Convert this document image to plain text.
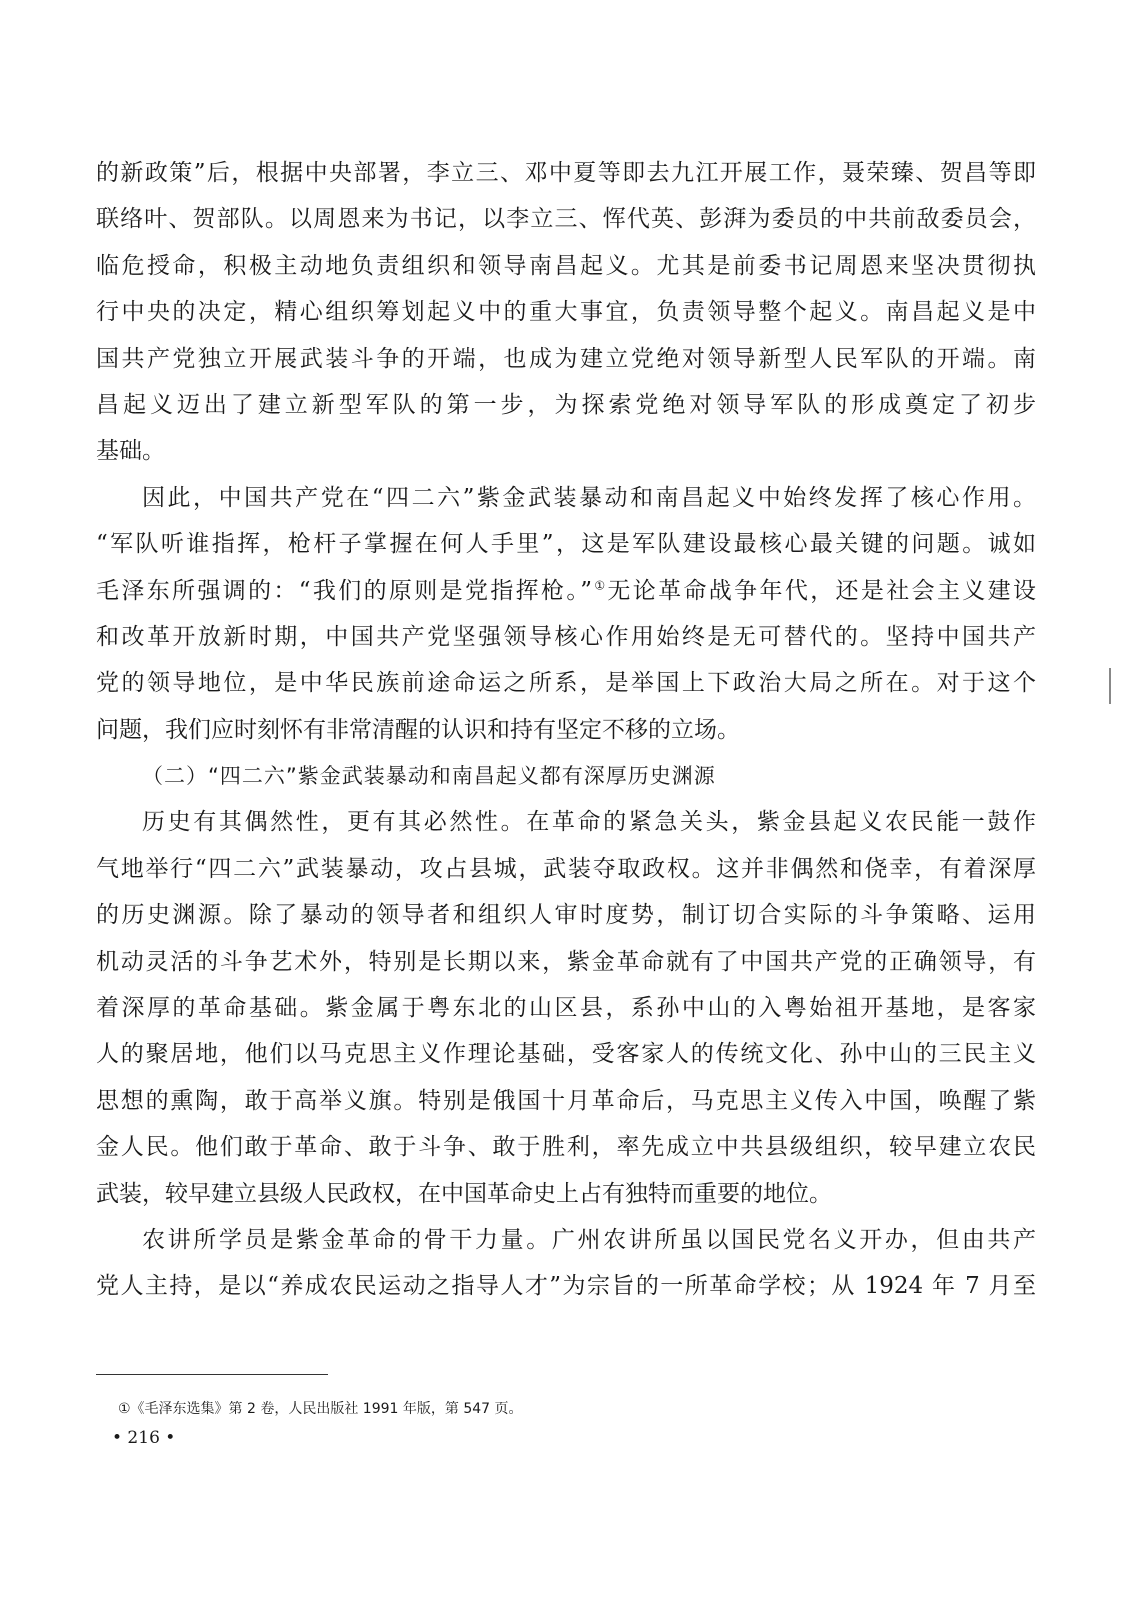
的新政策”后，根据中央部署，李立三、邓中夏等即去九江开展工作，聂荣臻、贺昌等即
联络叶、贺部队。以周恩来为书记，以李立三、恽代英、彭湃为委员的中共前敌委员会，
临危授命，积极主动地负责组织和领导南昌起义。尤其是前委书记周恩来坚决贯彻执
行中央的决定，精心组织筹划起义中的重大事宜，负责领导整个起义。南昌起义是中
国共产党独立开展武装斗争的开端，也成为建立党绝对领导新型人民军队的开端。南
昌起义迈出了建立新型军队的第一步，为探索党绝对领导军队的形成奠定了初步
基础。
因此，中国共产党在“四二六”紫金武装暴动和南昌起义中始终发挥了核心作用。
“军队听谁指挥，枪杆子掌握在何人手里”，这是军队建设最核心最关键的问题。诚如
毛泽东所强调的：“我们的原则是党指挥枪。”①无论革命战争年代，还是社会主义建设
和改革开放新时期，中国共产党坚强领导核心作用始终是无可替代的。坚持中国共产
党的领导地位，是中华民族前途命运之所系，是举国上下政治大局之所在。对于这个
问题，我们应时刻怀有非常清醒的认识和持有坚定不移的立场。
（二）“四二六”紫金武装暴动和南昌起义都有深厚历史渊源
历史有其偶然性，更有其必然性。在革命的紧急关头，紫金县起义农民能一鼓作
气地举行“四二六”武装暴动，攻占县城，武装夺取政权。这并非偶然和侥幸，有着深厚
的历史渊源。除了暴动的领导者和组织人审时度势，制订切合实际的斗争策略、运用
机动灵活的斗争艺术外，特别是长期以来，紫金革命就有了中国共产党的正确领导，有
着深厚的革命基础。紫金属于粤东北的山区县，系孙中山的入粤始祖开基地，是客家
人的聚居地，他们以马克思主义作理论基础，受客家人的传统文化、孙中山的三民主义
思想的熏陶，敢于高举义旗。特别是俄国十月革命后，马克思主义传入中国，唤醒了紫
金人民。他们敢于革命、敢于斗争、敢于胜利，率先成立中共县级组织，较早建立农民
武装，较早建立县级人民政权，在中国革命史上占有独特而重要的地位。
农讲所学员是紫金革命的骨干力量。广州农讲所虽以国民党名义开办，但由共产
党人主持，是以“养成农民运动之指导人才”为宗旨的一所革命学校；从 1924 年 7 月至
①《毛泽东选集》第 2 卷，人民出版社 1991 年版，第 547 页。
• 216 •
